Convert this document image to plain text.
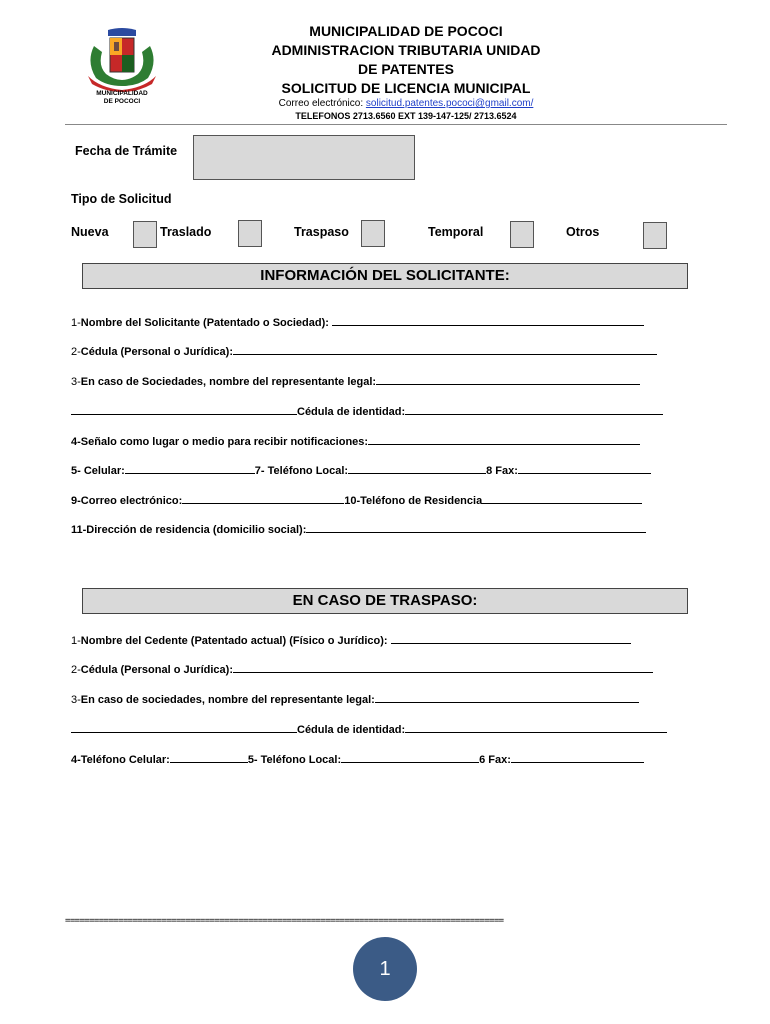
MUNICIPALIDAD
DE POCOCI
MUNICIPALIDAD DE POCOCI
ADMINISTRACION TRIBUTARIA UNIDAD
DE PATENTES
SOLICITUD DE LICENCIA MUNICIPAL
Correo electrónico: solicitud.patentes.pococi@gmail.com/
TELEFONOS 2713.6560 EXT 139-147-125/ 2713.6524
Fecha de Trámite
Tipo de Solicitud
Nueva	Traslado	Traspaso	Temporal	Otros
INFORMACIÓN DEL SOLICITANTE:
1-Nombre del Solicitante (Patentado o Sociedad):
2-Cédula (Personal o Jurídica):
3-En caso de Sociedades, nombre del representante legal:
Cédula de identidad:
4-Señalo como lugar o medio para recibir notificaciones:
5- Celular:	7- Teléfono Local:	8 Fax:
9-Correo electrónico:	10-Teléfono de Residencia
11-Dirección de residencia (domicilio social):
EN CASO DE TRASPASO:
1-Nombre del Cedente (Patentado actual) (Físico o Jurídico):
2-Cédula (Personal o Jurídica):
3-En caso de sociedades, nombre del representante legal:
Cédula de identidad:
4-Teléfono Celular:	5- Teléfono Local:	6 Fax:
===========================================================================================
1
